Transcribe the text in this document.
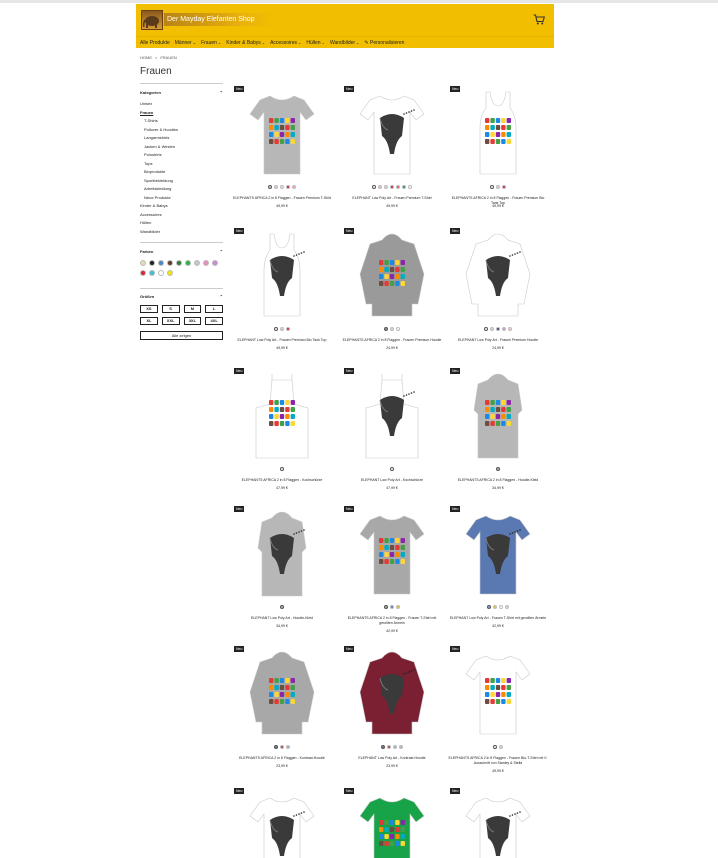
Der Mayday Elefanten Shop
Alle Produkte Männer ⌄ Frauen ⌄ Kinder & Babys ⌄ Accessoires ⌄ Hüllen ⌄ Wandbilder ⌄ ✎ Personalisieren
HOME > FRAUEN
Frauen
Kategorien	⌃
Unisex
Frauen
T-Shirts
Pullover & Hoodies
Langarmshirts
Jacken & Westen
Poloshirts
Tops
Bioprodukte
Sportbekleidung
Arbeitskleidung
Neue Produkte
Kinder & Babys
Accessoires
Hüllen
Wandbilder
Farben	⌃
Größen	⌃
XS	S	M	L
XL	XXL	3XL	4XL
Alle zeigen
Neu
ELEPHANTS AFRICA 2 in 8 Flaggen - Frauen Premium T-Shirt
49,99 €
Neu
ELEPHANT Low Poly Art - Frauen Premium T-Shirt
49,99 €
Neu
ELEPHANTS AFRICA 2 in 8 Flaggen - Frauen Premium Bio Tank Top
49,99 €
Neu
ELEPHANT Low Poly Art - Frauen Premium Bio Tank Top
49,99 €
Neu
ELEPHANTS AFRICA 2 in 8 Flaggen - Frauen Premium Hoodie
24,99 €
Neu
ELEPHANT Low Poly Art - Frauen Premium Hoodie
24,99 €
Neu
ELEPHANTS AFRICA 2 in 8 Flaggen - Kochschürze
47,99 €
Neu
ELEPHANT Low Poly Art - Kochschürze
47,99 €
Neu
ELEPHANTS AFRICA 2 in 8 Flaggen - Hoodie-Kleid
34,99 €
Neu
ELEPHANT Low Poly Art - Hoodie-Kleid
34,99 €
Neu
ELEPHANTS AFRICA 2 in 8 Flaggen - Frauen T-Shirt mit gerollten Ärmeln
42,99 €
Neu
ELEPHANT Low Poly Art - Frauen T-Shirt mit gerollten Ärmeln
42,99 €
Neu
ELEPHANTS AFRICA 2 in 8 Flaggen - Kontrast-Hoodie
23,99 €
Neu
ELEPHANT Low Poly Art - Kontrast-Hoodie
23,99 €
Neu
ELEPHANTS AFRICA 2 in 8 Flaggen - Frauen Bio-T-Shirt mit V-Ausschnitt von Stanley & Stella
49,99 €
Neu	Neu	Neu
